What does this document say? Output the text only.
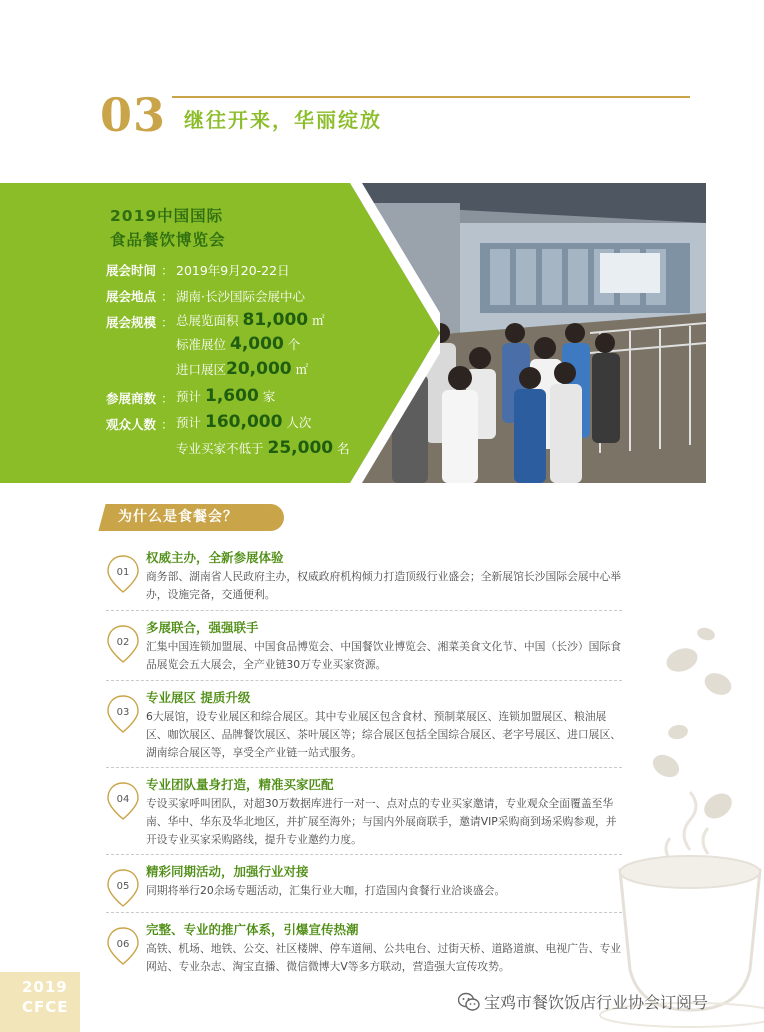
03 继往开来，华丽绽放
2019中国国际
食品餐饮博览会
展会时间 ： 2019年9月20-22日
展会地点 ： 湖南·长沙国际会展中心
展会规模 ： 总展览面积 81,000 ㎡
标准展位 4,000 个
进口展区20,000 ㎡
参展商数 ： 预计 1,600 家
观众人数 ： 预计 160,000 人次
专业买家不低于 25,000 名
为什么是食餐会？
01
权威主办，全新参展体验
商务部、湖南省人民政府主办，权威政府机构倾力打造顶级行业盛会；全新展馆长沙国际会展中心举办，设施完备，交通便利。
02
多展联合，强强联手
汇集中国连锁加盟展、中国食品博览会、中国餐饮业博览会、湘菜美食文化节、中国（长沙）国际食品展览会五大展会，全产业链30万专业买家资源。
03
专业展区 提质升级
6大展馆，设专业展区和综合展区。其中专业展区包含食材、预制菜展区、连锁加盟展区、粮油展区、咖饮展区、品牌餐饮展区、茶叶展区等；综合展区包括全国综合展区、老字号展区、进口展区、湖南综合展区等，享受全产业链一站式服务。
04
专业团队量身打造，精准买家匹配
专设买家呼叫团队，对超30万数据库进行一对一、点对点的专业买家邀请，专业观众全面覆盖至华南、华中、华东及华北地区，并扩展至海外；与国内外展商联手，邀请VIP采购商到场采购参观，并开设专业买家采购路线，提升专业邀约力度。
05
精彩同期活动，加强行业对接
同期将举行20余场专题活动，汇集行业大咖，打造国内食餐行业洽谈盛会。
06
完整、专业的推广体系，引爆宣传热潮
高铁、机场、地铁、公交、社区楼牌、停车道闸、公共电台、过街天桥、道路道旗、电视广告、专业网站、专业杂志、淘宝直播、微信微博大V等多方联动，营造强大宣传攻势。
2019
CFCE	宝鸡市餐饮饭店行业协会订阅号
